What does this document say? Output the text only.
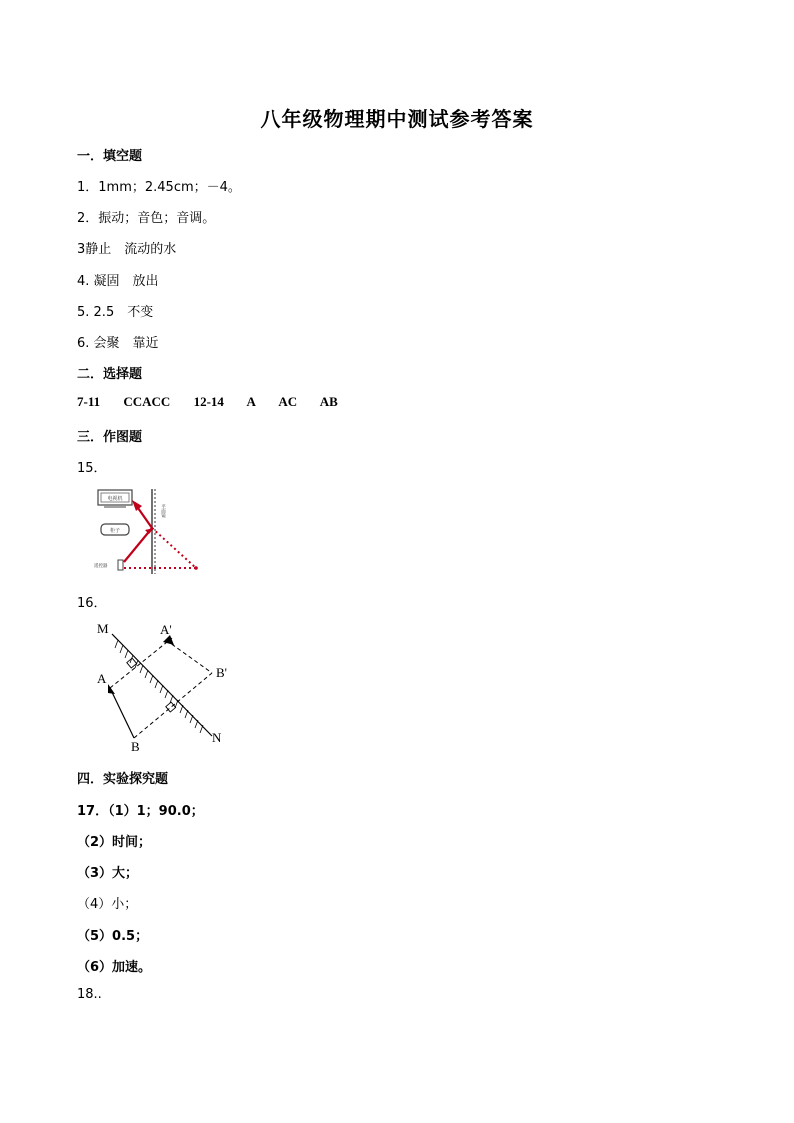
八年级物理期中测试参考答案
一．填空题
1．1mm；2.45cm；－4。
2．振动；音色；音调。
3静止　流动的水
4. 凝固　放出
5. 2.5　不变
6. 会聚　靠近
二．选择题
7-11 CCACC 12-14 A AC AB
三．作图题
15．
电视机
柜子
遥控器
平面镜
16．
M
N
A
B
A'
B'
四．实验探究题
17．（1）1；90.0；
（2）时间；
（3）大；
（4）小；
（5）0.5；
（6）加速。
18..
